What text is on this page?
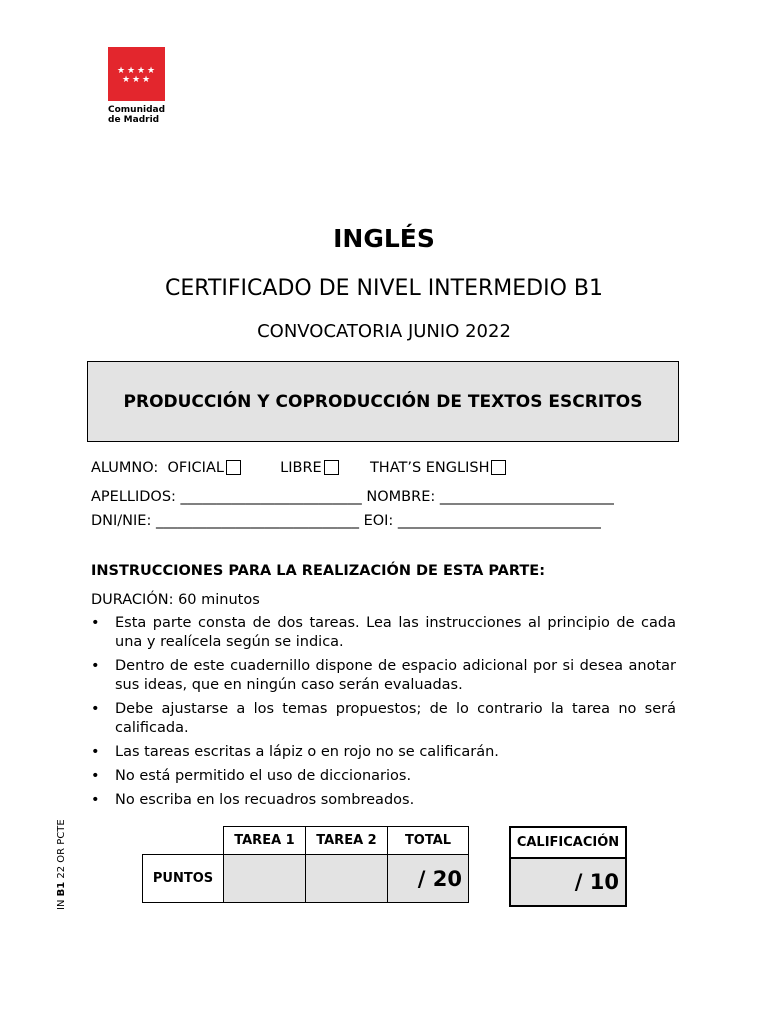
★ ★ ★ ★
★ ★ ★
Comunidad
de Madrid
INGLÉS
CERTIFICADO DE NIVEL INTERMEDIO B1
CONVOCATORIA JUNIO 2022
PRODUCCIÓN Y COPRODUCCIÓN DE TEXTOS ESCRITOS
ALUMNO: OFICIAL	LIBRE	THAT’S ENGLISH
APELLIDOS: _________________________ NOMBRE: ________________________
DNI/NIE: ____________________________ EOI: ____________________________
INSTRUCCIONES PARA LA REALIZACIÓN DE ESTA PARTE:
DURACIÓN: 60 minutos
• Esta parte consta de dos tareas. Lea las instrucciones al principio de cada una y realícela según se indica.
• Dentro de este cuadernillo dispone de espacio adicional por si desea anotar sus ideas, que en ningún caso serán evaluadas.
• Debe ajustarse a los temas propuestos; de lo contrario la tarea no será calificada.
• Las tareas escritas a lápiz o en rojo no se calificarán.
• No está permitido el uso de diccionarios.
• No escriba en los recuadros sombreados.
IN B1 22 OR PCTE
		TAREA 1	TAREA 2	TOTAL
PUNTOS			/ 20
CALIFICACIÓN
/ 10
